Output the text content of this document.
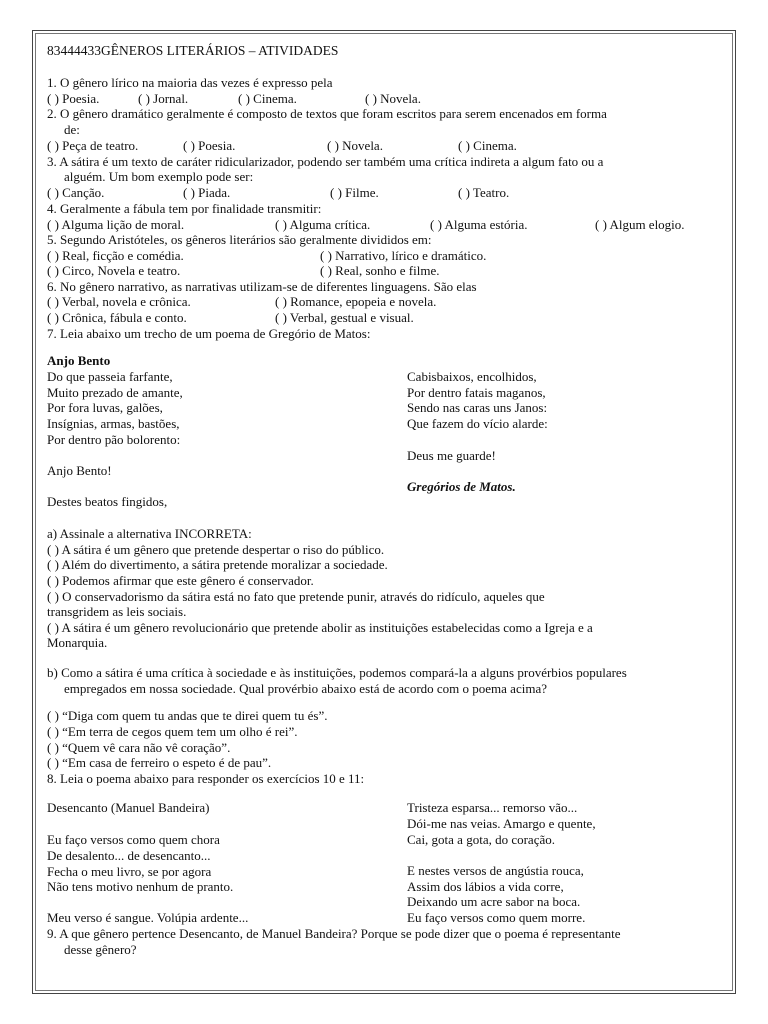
83444433GÊNEROS LITERÁRIOS – ATIVIDADES
1. O gênero lírico na maioria das vezes é expresso pela
( ) Poesia.	( ) Jornal.	( ) Cinema.	( ) Novela.
2. O gênero dramático geralmente é composto de textos que foram escritos para serem encenados em forma
de:
( ) Peça de teatro.	( ) Poesia.	( ) Novela.	( ) Cinema.
3. A sátira é um texto de caráter ridicularizador, podendo ser também uma crítica indireta a algum fato ou a
alguém. Um bom exemplo pode ser:
( ) Canção.	( ) Piada.	( ) Filme.	( ) Teatro.
4. Geralmente a fábula tem por finalidade transmitir:
( ) Alguma lição de moral.	( ) Alguma crítica.	( ) Alguma estória.	( ) Algum elogio.
5. Segundo Aristóteles, os gêneros literários são geralmente divididos em:
( ) Real, ficção e comédia.	( ) Narrativo, lírico e dramático.
( ) Circo, Novela e teatro.	( ) Real, sonho e filme.
6. No gênero narrativo, as narrativas utilizam-se de diferentes linguagens. São elas
( ) Verbal, novela e crônica.	( ) Romance, epopeia e novela.
( ) Crônica, fábula e conto.	( ) Verbal, gestual e visual.
7. Leia abaixo um trecho de um poema de Gregório de Matos:
Anjo Bento
Do que passeia farfante,
Muito prezado de amante,
Por fora luvas, galões,
Insígnias, armas, bastões,
Por dentro pão bolorento:
Anjo Bento!
Destes beatos fingidos,
Cabisbaixos, encolhidos,
Por dentro fatais maganos,
Sendo nas caras uns Janos:
Que fazem do vício alarde:
Deus me guarde!
Gregórios de Matos.
a) Assinale a alternativa INCORRETA:
( ) A sátira é um gênero que pretende despertar o riso do público.
( ) Além do divertimento, a sátira pretende moralizar a sociedade.
( ) Podemos afirmar que este gênero é conservador.
( ) O conservadorismo da sátira está no fato que pretende punir, através do ridículo, aqueles que
transgridem as leis sociais.
( ) A sátira é um gênero revolucionário que pretende abolir as instituições estabelecidas como a Igreja e a
Monarquia.
b) Como a sátira é uma crítica à sociedade e às instituições, podemos compará-la a alguns provérbios populares
empregados em nossa sociedade. Qual provérbio abaixo está de acordo com o poema acima?
( ) “Diga com quem tu andas que te direi quem tu és”.
( ) “Em terra de cegos quem tem um olho é rei”.
( ) “Quem vê cara não vê coração”.
( ) “Em casa de ferreiro o espeto é de pau”.
8. Leia o poema abaixo para responder os exercícios 10 e 11:
Desencanto (Manuel Bandeira)
Eu faço versos como quem chora
De desalento... de desencanto...
Fecha o meu livro, se por agora
Não tens motivo nenhum de pranto.
Meu verso é sangue. Volúpia ardente...
Tristeza esparsa... remorso vão...
Dói-me nas veias. Amargo e quente,
Cai, gota a gota, do coração.
E nestes versos de angústia rouca,
Assim dos lábios a vida corre,
Deixando um acre sabor na boca.
Eu faço versos como quem morre.
9. A que gênero pertence Desencanto, de Manuel Bandeira? Porque se pode dizer que o poema é representante
desse gênero?
